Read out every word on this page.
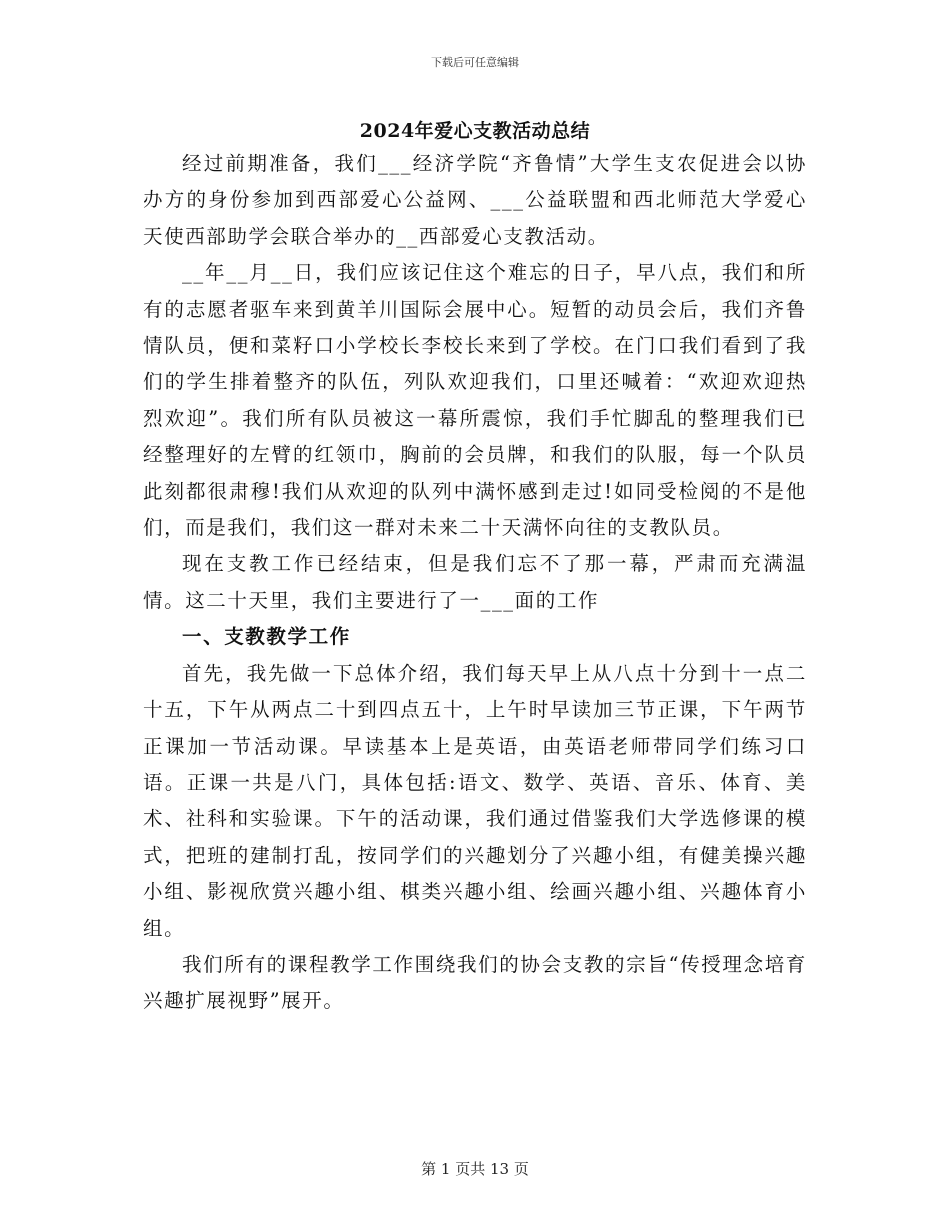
下载后可任意编辑
2024年爱心支教活动总结

经过前期准备，我们___经济学院“齐鲁情”大学生支农促进会以协办方的身份参加到西部爱心公益网、___公益联盟和西北师范大学爱心天使西部助学会联合举办的__西部爱心支教活动。

__年__月__日，我们应该记住这个难忘的日子，早八点，我们和所有的志愿者驱车来到黄羊川国际会展中心。短暂的动员会后，我们齐鲁情队员，便和菜籽口小学校长李校长来到了学校。在门口我们看到了我们的学生排着整齐的队伍，列队欢迎我们，口里还喊着：“欢迎欢迎热烈欢迎”。我们所有队员被这一幕所震惊，我们手忙脚乱的整理我们已经整理好的左臂的红领巾，胸前的会员牌，和我们的队服，每一个队员此刻都很肃穆!我们从欢迎的队列中满怀感到走过!如同受检阅的不是他们，而是我们，我们这一群对未来二十天满怀向往的支教队员。

现在支教工作已经结束，但是我们忘不了那一幕，严肃而充满温情。这二十天里，我们主要进行了一___面的工作

一、支教教学工作

首先，我先做一下总体介绍，我们每天早上从八点十分到十一点二十五，下午从两点二十到四点五十，上午时早读加三节正课，下午两节正课加一节活动课。早读基本上是英语，由英语老师带同学们练习口语。正课一共是八门，具体包括:语文、数学、英语、音乐、体育、美术、社科和实验课。下午的活动课，我们通过借鉴我们大学选修课的模式，把班的建制打乱，按同学们的兴趣划分了兴趣小组，有健美操兴趣小组、影视欣赏兴趣小组、棋类兴趣小组、绘画兴趣小组、兴趣体育小组。

我们所有的课程教学工作围绕我们的协会支教的宗旨“传授理念培育兴趣扩展视野”展开。

第 1 页共 13 页
